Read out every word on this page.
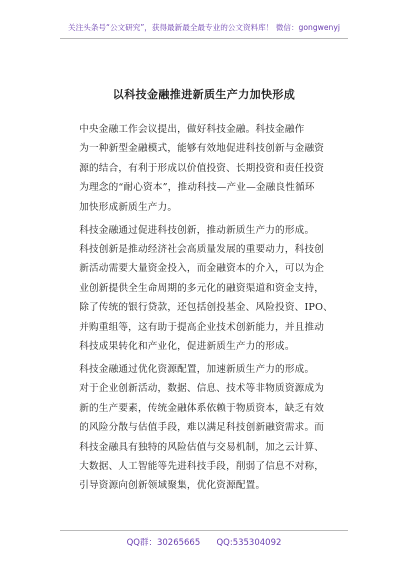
关注头条号“公文研究”，获得最新最全最专业的公文资料库！ 微信：gongwenyj
以科技金融推进新质生产力加快形成

中央金融工作会议提出，做好科技金融。科技金融作
为一种新型金融模式，能够有效地促进科技创新与金融资
源的结合，有利于形成以价值投资、长期投资和责任投资
为理念的“耐心资本”，推动科技—产业—金融良性循环
加快形成新质生产力。

科技金融通过促进科技创新，推动新质生产力的形成。
科技创新是推动经济社会高质量发展的重要动力，科技创
新活动需要大量资金投入，而金融资本的介入，可以为企
业创新提供全生命周期的多元化的融资渠道和资金支持，
除了传统的银行贷款，还包括创投基金、风险投资、IPO、
并购重组等，这有助于提高企业技术创新能力，并且推动
科技成果转化和产业化，促进新质生产力的形成。

科技金融通过优化资源配置，加速新质生产力的形成。
对于企业创新活动，数据、信息、技术等非物质资源成为
新的生产要素，传统金融体系依赖于物质资本，缺乏有效
的风险分散与估值手段，难以满足科技创新融资需求。而
科技金融具有独特的风险估值与交易机制，加之云计算、
大数据、人工智能等先进科技手段，削弱了信息不对称，
引导资源向创新领域聚集，优化资源配置。

QQ群：30265665 QQ:535304092
